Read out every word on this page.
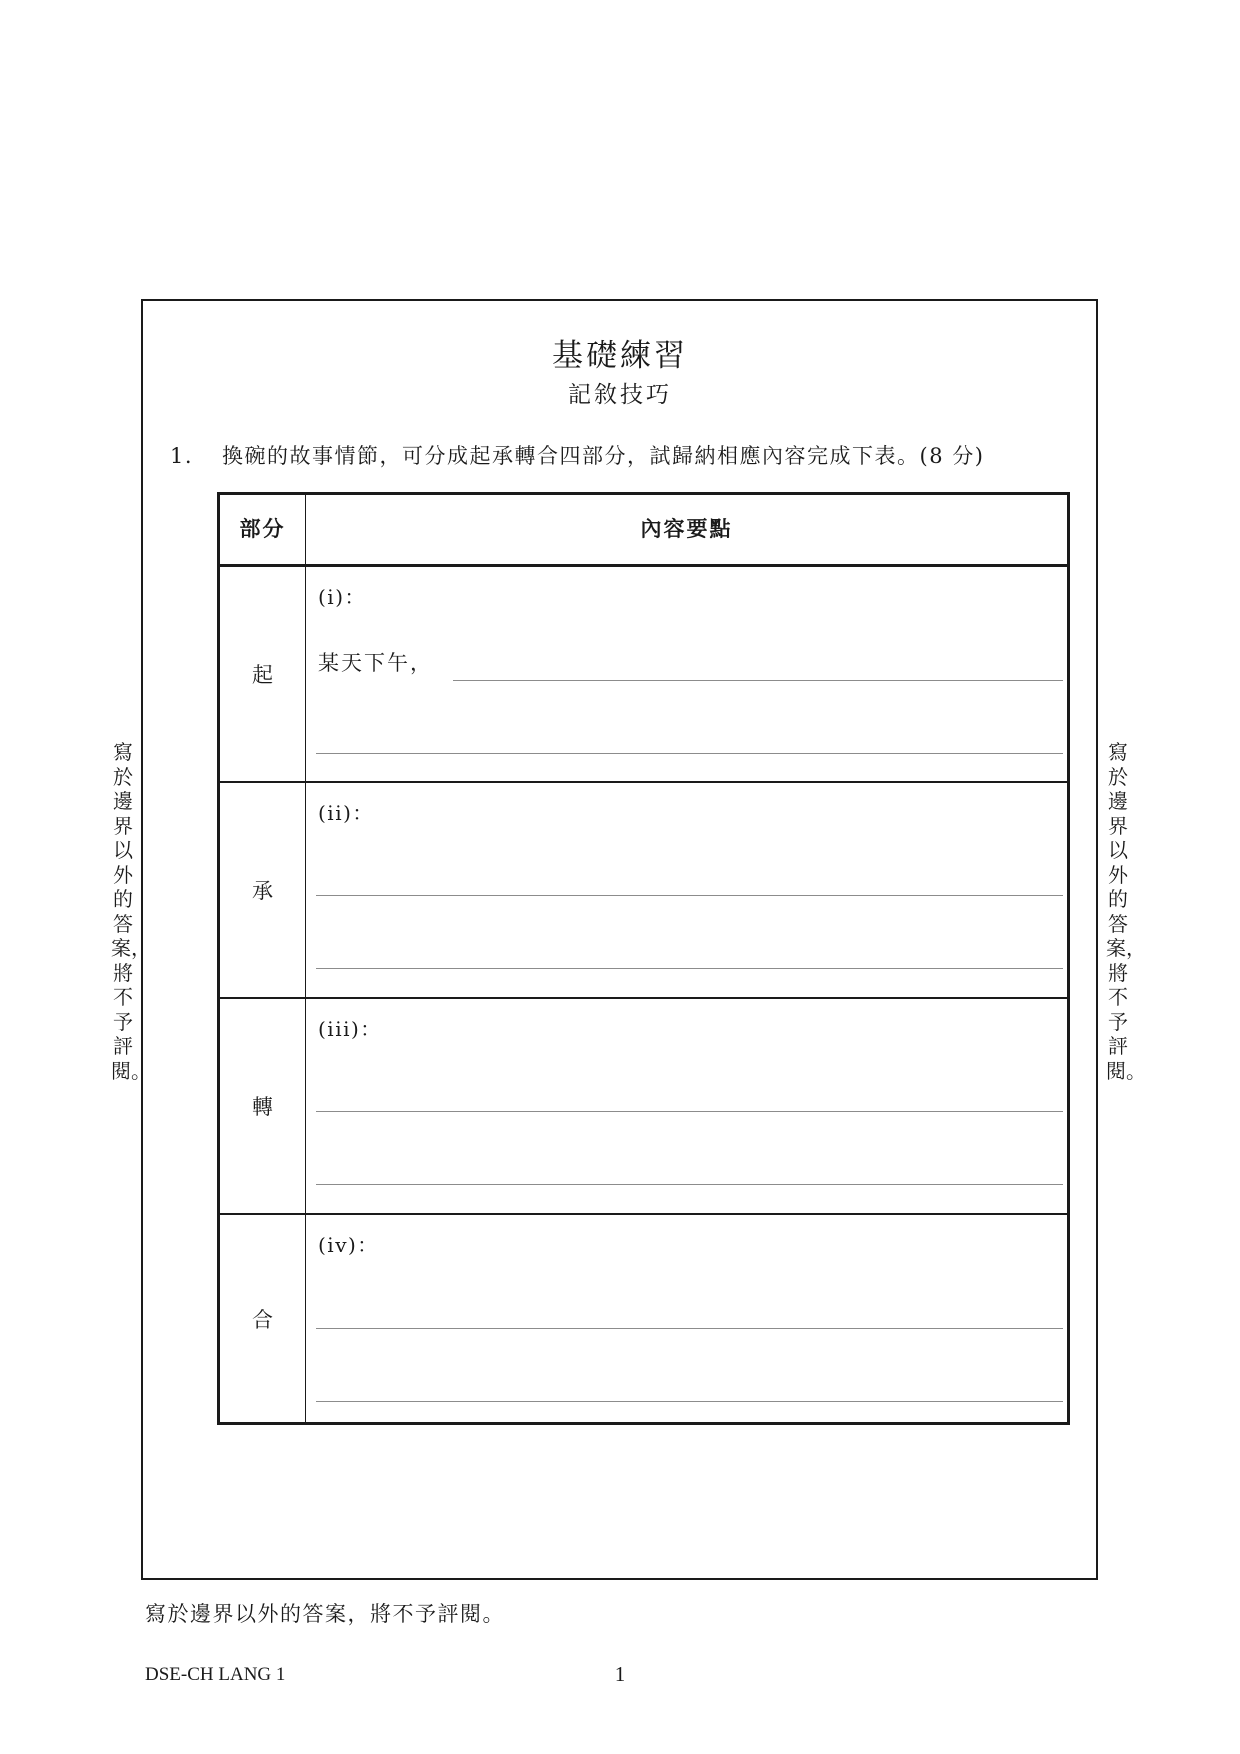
基礎練習
記敘技巧
1. 換碗的故事情節，可分成起承轉合四部分，試歸納相應內容完成下表。(8 分)
部分	內容要點
起
(i)：
某天下午，
承
(ii)：
轉
(iii)：
合
(iv)：
寫於邊界以外的答案，將不予評閱。
寫於邊界以外的答案，將不予評閱。
寫於邊界以外的答案，將不予評閱。
DSE-CH LANG 1	1
